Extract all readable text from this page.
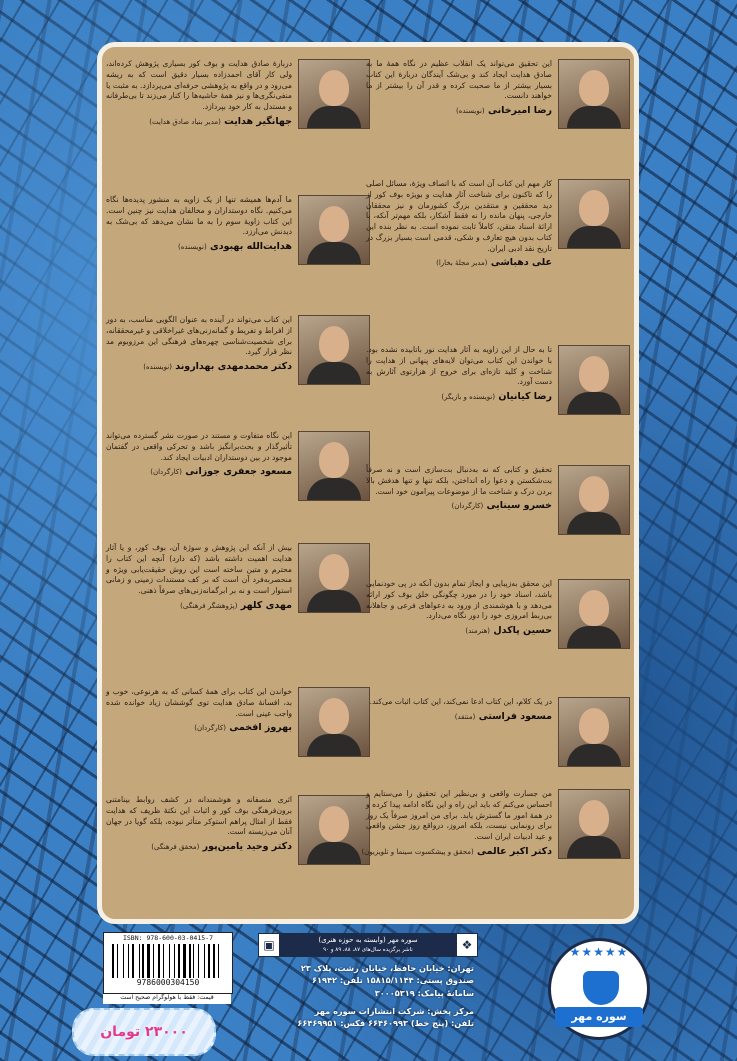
دربارهٔ صادق هدایت و بوف کور بسیاری پژوهش کرده‌اند، ولی کار آقای احمدزاده بسیار دقیق است که به ریشه می‌رود و در واقع به پژوهشی حرفه‌ای می‌پردازد. به مثبت یا منفی‌نگری‌ها و نیز همهٔ حاشیه‌ها را کنار می‌زند تا بی‌طرفانه و مستدل به کار خود بپردازد.
جهانگیر هدایت (مدیر بنیاد صادق هدایت)
ما آدم‌ها همیشه تنها از یک زاویه به منشور پدیده‌ها نگاه می‌کنیم. نگاه دوستداران و مخالفان هدایت نیز چنین است. این کتاب زاویهٔ سوم را به ما نشان می‌دهد که بی‌شک به دیدنش می‌ارزد.
هدایت‌الله بهبودی (نویسنده)
این کتاب می‌تواند در آینده به عنوان الگویی مناسب، به دور از افراط و تفریط و گمانه‌زنی‌های غیراخلاقی و غیرمحققانه، برای شخصیت‌شناسی چهره‌های فرهنگی این مرزوبوم مد نظر قرار گیرد.
دکتر محمدمهدی بهداروند (نویسنده)
این نگاه متفاوت و مستند در صورت نشر گسترده می‌تواند تأثیرگذار و بحث‌برانگیز باشد و تحرکی واقعی در گفتمان موجود در بین دوستداران ادبیات ایجاد کند.
مسعود جعفری جوزانی (کارگردان)
بیش از آنکه این پژوهش و سوژهٔ آن، بوف کور، و یا آثار هدایت اهمیت داشته باشد (که دارد) آنچه این کتاب را محترم و متین ساخته است این روش حقیقت‌یابی ویژه و منحصربه‌فرد آن است که بر کف مستندات زمینی و زمانی استوار است و نه بر ابرگمانه‌زنی‌های صرفاً ذهنی.
مهدی کلهر (پژوهشگر فرهنگی)
خواندن این کتاب برای همهٔ کسانی که به هرنوعی، خوب و بد، افسانهٔ صادق هدایت توی گوششان زیاد خوانده شده واجب عینی است.
بهروز افخمی (کارگردان)
اثری منصفانه و هوشمندانه در کشف روابط بینامتنی برون‌فرهنگی بوف کور و اثبات این نکتهٔ ظریف که هدایت فقط از امثال پراهم استوکر متأثر نبوده، بلکه گویا در جهان آنان می‌زیسته است.
دکتر وحید یامین‌پور (محقق فرهنگی)
این تحقیق می‌تواند یک انقلاب عظیم در نگاه همهٔ ما به صادق هدایت ایجاد کند و بی‌شک آیندگان دربارهٔ این کتاب بسیار بیشتر از ما صحبت کرده و قدر آن را بیشتر از ما خواهند دانست.
رضا امیرخانی (نویسنده)
کار مهم این کتاب آن است که با اتصاف ویژهٔ، مسائل اصلی را که تاکنون برای شناخت آثار هدایت و بویژه بوف کور از دید محققین و منتقدین بزرگ کشورمان و نیز محققان خارجی، پنهان مانده را نه فقط آشکار، بلکه مهم‌تر آنکه، با ارائهٔ اسناد متقن، کاملاً ثابت نموده است. به نظر بنده این کتاب بدون هیچ تعارف و شکی، قدمی است بسیار بزرگ در تاریخ نقد ادبی ایران.
علی دهباشی (مدیر مجلهٔ بخارا)
تا به حال از این زاویه به آثار هدایت نور باتابیده نشده بود. با خواندن این کتاب می‌توان لایه‌های پنهانی از هدایت را شناخت و کلید تازه‌ای برای خروج از هزارتوی آثارش به دست آورد.
رضا کیانیان (نویسنده و بازیگر)
تحقیق و کتابی که نه به‌دنبال بت‌سازی است و نه صرفاً بت‌شکستن و دعوا راه انداختن، بلکه تنها و تنها هدفش بالا بردن درک و شناخت ما از موضوعات پیرامون خود است.
خسرو سینایی (کارگردان)
این محقق به‌زیبایی و ایجاز تمام بدون آنکه در پی خودنمایی باشد، اسناد خود را در مورد چگونگی خلق بوف کور ارائه می‌دهد و با هوشمندی از ورود به دعواهای فرعی و جاهلانه بی‌ربط امروزی خود را دور نگاه می‌دارد.
حسین پاکدل (هنرمند)
در یک کلام، این کتاب ادعا نمی‌کند، این کتاب اثبات می‌کند.
مسعود فراستی (منتقد)
من جسارت واقعی و بی‌نظیر این تحقیق را می‌ستایم و احساس می‌کنم که باید این راه و این نگاه ادامه پیدا کرده و در همهٔ امور ما گسترش یابد. برای من امروز صرفاً یک روز برای رونمایی نیست، بلکه امروز، درواقع روز جشن واقعی و عید ادبیات ایران است.
دکتر اکبر عالمی (محقق و پیشکسوت سینما و تلویزیون)
ISBN: 978-600-03-0415-7
9786000304150
قیمت: فقط با هولوگرام صحیح است
۲۳۰۰۰ تومان
▣	سوره مهر (وابسته به حوزه هنری)
ناشر برگزیده سال‌های ۸۷، ۸۸، ۸۹ و ۹۰	❖
تهران: خیابان حافظ، خیابان رشت، پلاک ۲۳
صندوق پستی: ۱۵۸۱۵/۱۱۴۴ تلفن: ۶۱۹۴۲
سامانهٔ پیامک: ۳۰۰۰۵۳۱۹
مرکز پخش: شرکت انتشارات سوره مهر
تلفن: (پنج خط) ۶۶۴۶۰۹۹۳ فکس: ۶۶۴۶۹۹۵۱
★★★★★
سوره مهر
